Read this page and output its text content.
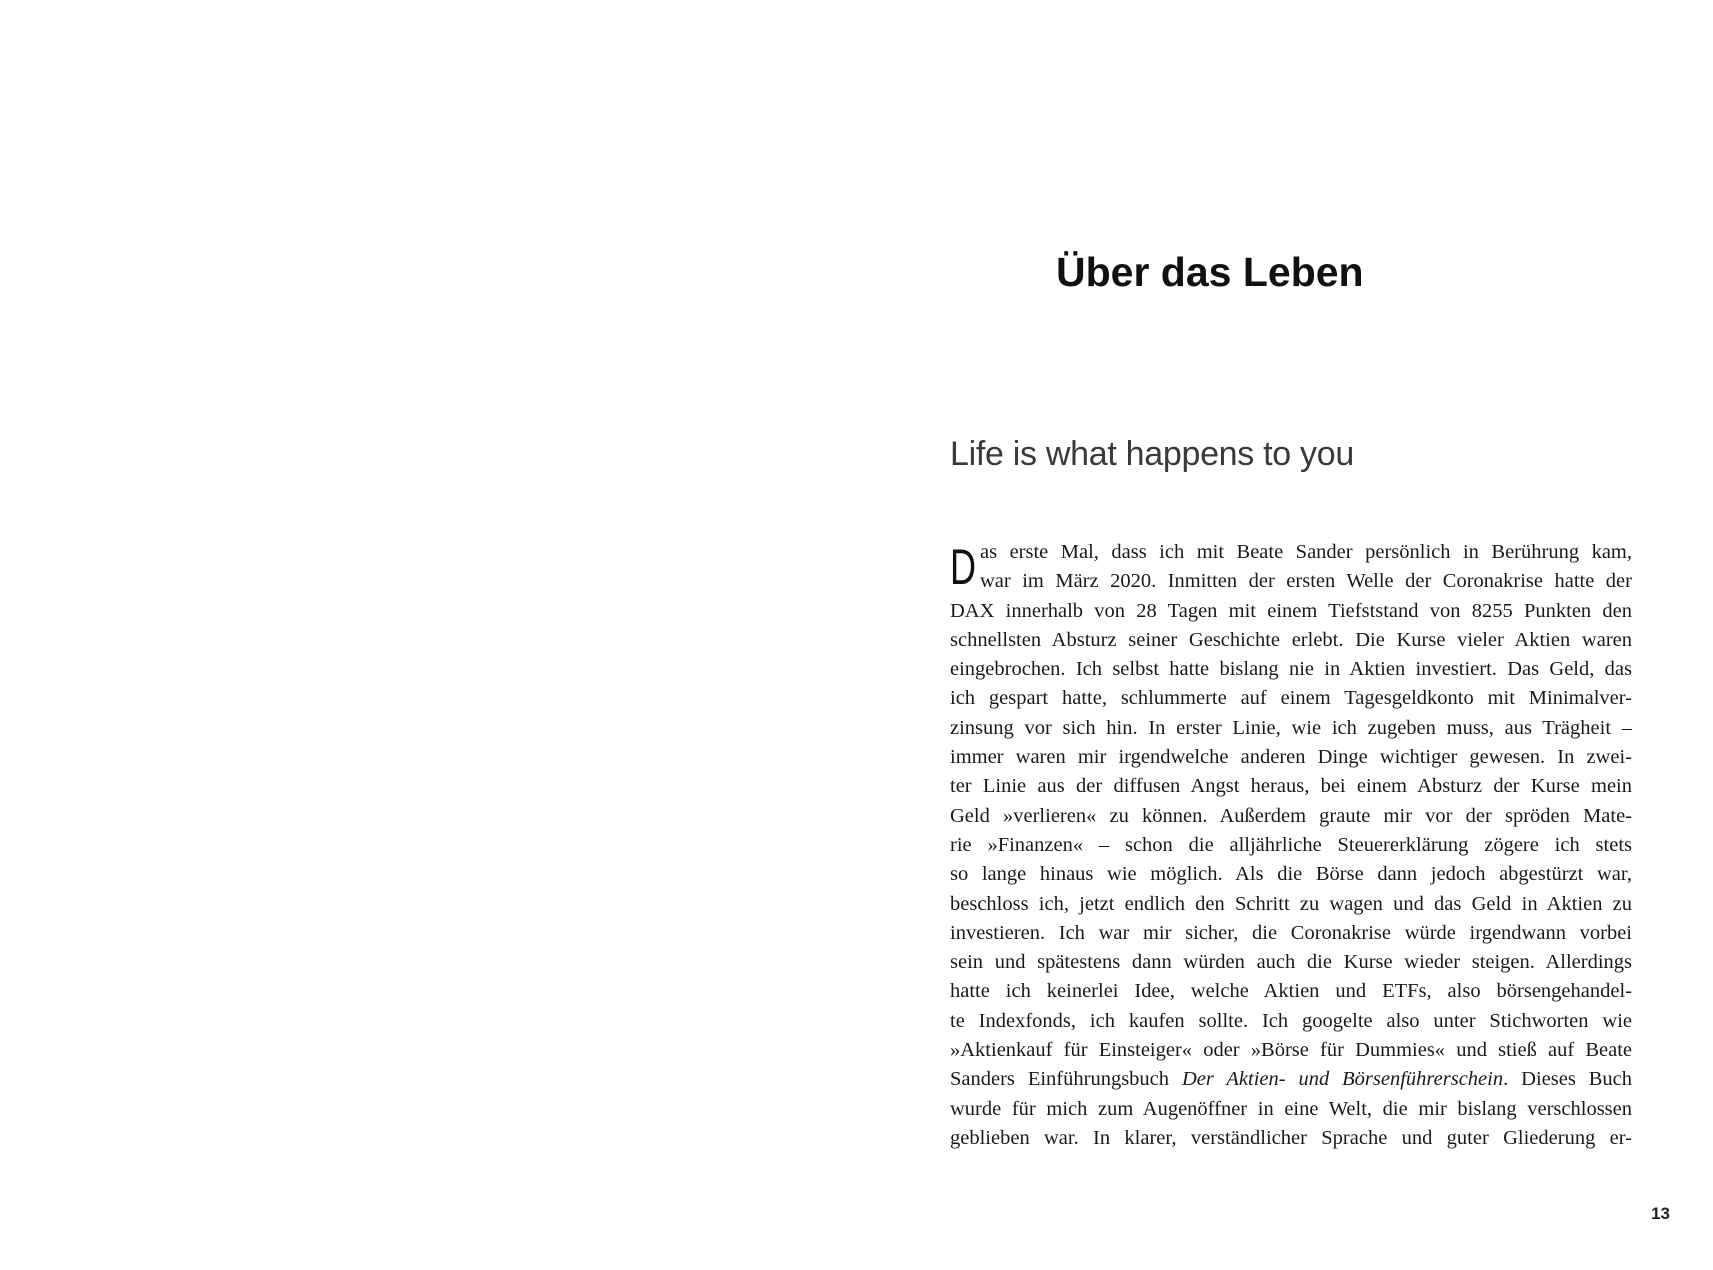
Über das Leben
Life is what happens to you
D as erste Mal, dass ich mit Beate Sander persönlich in Berührung kam,
war im März 2020. Inmitten der ersten Welle der Coronakrise hatte der
DAX innerhalb von 28 Tagen mit einem Tiefststand von 8255 Punkten den
schnellsten Absturz seiner Geschichte erlebt. Die Kurse vieler Aktien waren
eingebrochen. Ich selbst hatte bislang nie in Aktien investiert. Das Geld, das
ich gespart hatte, schlummerte auf einem Tagesgeldkonto mit Minimalver-
zinsung vor sich hin. In erster Linie, wie ich zugeben muss, aus Trägheit –
immer waren mir irgendwelche anderen Dinge wichtiger gewesen. In zwei-
ter Linie aus der diffusen Angst heraus, bei einem Absturz der Kurse mein
Geld »verlieren« zu können. Außerdem graute mir vor der spröden Mate-
rie »Finanzen« – schon die alljährliche Steuererklärung zögere ich stets
so lange hinaus wie möglich. Als die Börse dann jedoch abgestürzt war,
beschloss ich, jetzt endlich den Schritt zu wagen und das Geld in Aktien zu
investieren. Ich war mir sicher, die Coronakrise würde irgendwann vorbei
sein und spätestens dann würden auch die Kurse wieder steigen. Allerdings
hatte ich keinerlei Idee, welche Aktien und ETFs, also börsengehandel-
te Indexfonds, ich kaufen sollte. Ich googelte also unter Stichworten wie
»Aktienkauf für Einsteiger« oder »Börse für Dummies« und stieß auf Beate
Sanders Einführungsbuch Der Aktien- und Börsenführerschein. Dieses Buch
wurde für mich zum Augenöffner in eine Welt, die mir bislang verschlossen
geblieben war. In klarer, verständlicher Sprache und guter Gliederung er-
13
